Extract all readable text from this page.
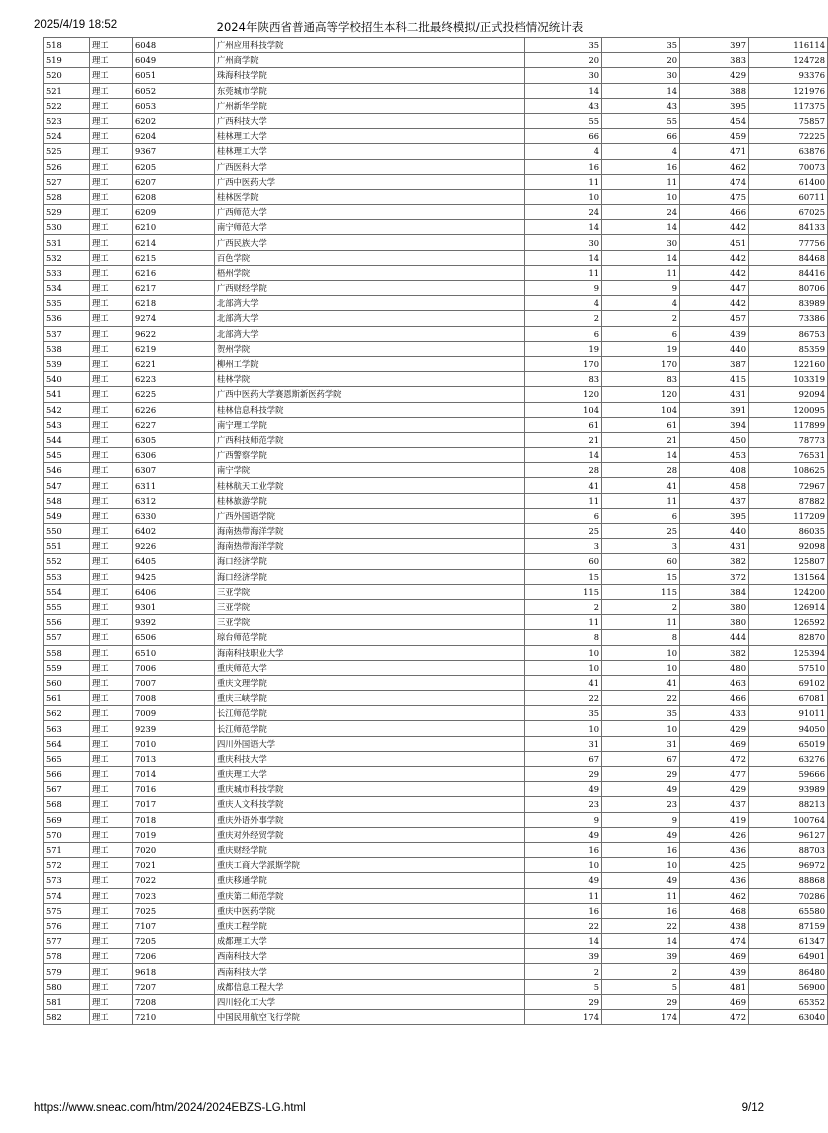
2025/4/19 18:52	2024年陕西省普通高等学校招生本科二批最终模拟/正式投档情况统计表
518	理工	6048	广州应用科技学院	35	35	397	116114
519	理工	6049	广州商学院	20	20	383	124728
520	理工	6051	珠海科技学院	30	30	429	93376
521	理工	6052	东莞城市学院	14	14	388	121976
522	理工	6053	广州新华学院	43	43	395	117375
523	理工	6202	广西科技大学	55	55	454	75857
524	理工	6204	桂林理工大学	66	66	459	72225
525	理工	9367	桂林理工大学	4	4	471	63876
526	理工	6205	广西医科大学	16	16	462	70073
527	理工	6207	广西中医药大学	11	11	474	61400
528	理工	6208	桂林医学院	10	10	475	60711
529	理工	6209	广西师范大学	24	24	466	67025
530	理工	6210	南宁师范大学	14	14	442	84133
531	理工	6214	广西民族大学	30	30	451	77756
532	理工	6215	百色学院	14	14	442	84468
533	理工	6216	梧州学院	11	11	442	84416
534	理工	6217	广西财经学院	9	9	447	80706
535	理工	6218	北部湾大学	4	4	442	83989
536	理工	9274	北部湾大学	2	2	457	73386
537	理工	9622	北部湾大学	6	6	439	86753
538	理工	6219	贺州学院	19	19	440	85359
539	理工	6221	柳州工学院	170	170	387	122160
540	理工	6223	桂林学院	83	83	415	103319
541	理工	6225	广西中医药大学赛恩斯新医药学院	120	120	431	92094
542	理工	6226	桂林信息科技学院	104	104	391	120095
543	理工	6227	南宁理工学院	61	61	394	117899
544	理工	6305	广西科技师范学院	21	21	450	78773
545	理工	6306	广西警察学院	14	14	453	76531
546	理工	6307	南宁学院	28	28	408	108625
547	理工	6311	桂林航天工业学院	41	41	458	72967
548	理工	6312	桂林旅游学院	11	11	437	87882
549	理工	6330	广西外国语学院	6	6	395	117209
550	理工	6402	海南热带海洋学院	25	25	440	86035
551	理工	9226	海南热带海洋学院	3	3	431	92098
552	理工	6405	海口经济学院	60	60	382	125807
553	理工	9425	海口经济学院	15	15	372	131564
554	理工	6406	三亚学院	115	115	384	124200
555	理工	9301	三亚学院	2	2	380	126914
556	理工	9392	三亚学院	11	11	380	126592
557	理工	6506	琼台师范学院	8	8	444	82870
558	理工	6510	海南科技职业大学	10	10	382	125394
559	理工	7006	重庆师范大学	10	10	480	57510
560	理工	7007	重庆文理学院	41	41	463	69102
561	理工	7008	重庆三峡学院	22	22	466	67081
562	理工	7009	长江师范学院	35	35	433	91011
563	理工	9239	长江师范学院	10	10	429	94050
564	理工	7010	四川外国语大学	31	31	469	65019
565	理工	7013	重庆科技大学	67	67	472	63276
566	理工	7014	重庆理工大学	29	29	477	59666
567	理工	7016	重庆城市科技学院	49	49	429	93989
568	理工	7017	重庆人文科技学院	23	23	437	88213
569	理工	7018	重庆外语外事学院	9	9	419	100764
570	理工	7019	重庆对外经贸学院	49	49	426	96127
571	理工	7020	重庆财经学院	16	16	436	88703
572	理工	7021	重庆工商大学派斯学院	10	10	425	96972
573	理工	7022	重庆移通学院	49	49	436	88868
574	理工	7023	重庆第二师范学院	11	11	462	70286
575	理工	7025	重庆中医药学院	16	16	468	65580
576	理工	7107	重庆工程学院	22	22	438	87159
577	理工	7205	成都理工大学	14	14	474	61347
578	理工	7206	西南科技大学	39	39	469	64901
579	理工	9618	西南科技大学	2	2	439	86480
580	理工	7207	成都信息工程大学	5	5	481	56900
581	理工	7208	四川轻化工大学	29	29	469	65352
582	理工	7210	中国民用航空飞行学院	174	174	472	63040
https://www.sneac.com/htm/2024/2024EBZS-LG.html	9/12
